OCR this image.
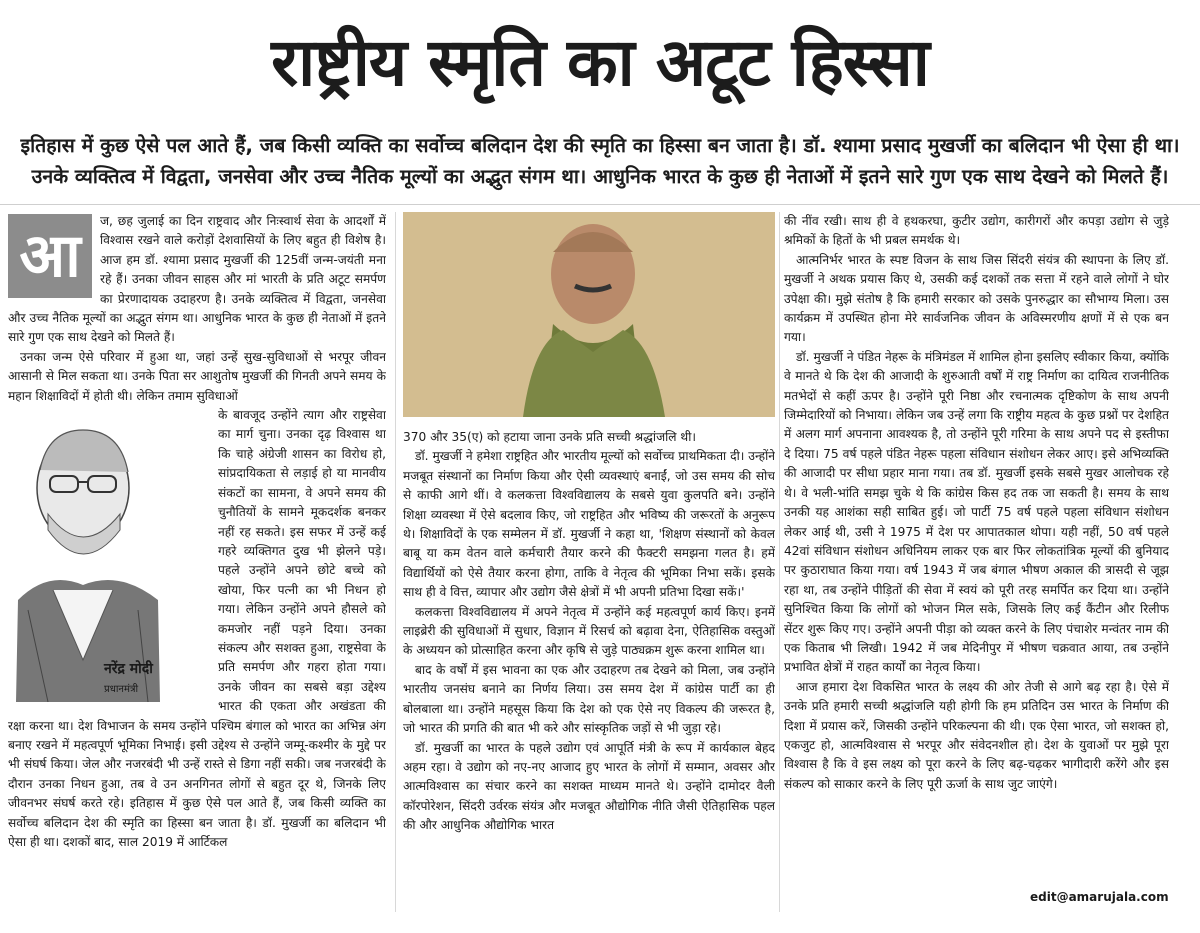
राष्ट्रीय स्मृति का अटूट हिस्सा
इतिहास में कुछ ऐसे पल आते हैं, जब किसी व्यक्ति का सर्वोच्च बलिदान देश की स्मृति का हिस्सा बन जाता है। डॉ. श्यामा प्रसाद मुखर्जी का बलिदान भी ऐसा ही था। उनके व्यक्तित्व में विद्वता, जनसेवा और उच्च नैतिक मूल्यों का अद्भुत संगम था। आधुनिक भारत के कुछ ही नेताओं में इतने सारे गुण एक साथ देखने को मिलते हैं।
आ	ज, छह जुलाई का दिन राष्ट्रवाद और निःस्वार्थ सेवा के आदर्शों में विश्वास रखने वाले करोड़ों देशवासियों के लिए बहुत ही विशेष है। आज हम डॉ. श्यामा प्रसाद मुखर्जी की 125वीं जन्म-जयंती मना रहे हैं। उनका जीवन साहस और मां भारती के प्रति अटूट समर्पण का प्रेरणादायक उदाहरण है। उनके व्यक्तित्व में विद्वता, जनसेवा और उच्च नैतिक मूल्यों का अद्भुत संगम था। आधुनिक भारत के कुछ ही नेताओं में इतने सारे गुण एक साथ देखने को मिलते हैं।

उनका जन्म ऐसे परिवार में हुआ था, जहां उन्हें सुख-सुविधाओं से भरपूर जीवन आसानी से मिल सकता था। उनके पिता सर आशुतोष मुखर्जी की गिनती अपने समय के महान शिक्षाविदों में होती थी। लेकिन तमाम सुविधाओं

नरेंद्र मोदी
प्रधानमंत्री

के बावजूद उन्होंने त्याग और राष्ट्रसेवा का मार्ग चुना। उनका दृढ़ विश्वास था कि चाहे अंग्रेजी शासन का विरोध हो, सांप्रदायिकता से लड़ाई हो या मानवीय संकटों का सामना, वे अपने समय की चुनौतियों के सामने मूकदर्शक बनकर नहीं रह सकते। इस सफर में उन्हें कई गहरे व्यक्तिगत दुख भी झेलने पड़े। पहले उन्होंने अपने छोटे बच्चे को खोया, फिर पत्नी का भी निधन हो गया। लेकिन उन्होंने अपने हौसले को कमजोर नहीं पड़ने दिया। उनका संकल्प और सशक्त हुआ, राष्ट्रसेवा के प्रति समर्पण और गहरा होता गया। उनके जीवन का सबसे बड़ा उद्देश्य भारत की एकता और अखंडता की रक्षा करना था। देश विभाजन के समय उन्होंने पश्चिम बंगाल को भारत का अभिन्न अंग बनाए रखने में महत्वपूर्ण भूमिका निभाई। इसी उद्देश्य से उन्होंने जम्मू-कश्मीर के मुद्दे पर भी संघर्ष किया। जेल और नजरबंदी भी उन्हें रास्ते से डिगा नहीं सकी। जब नजरबंदी के दौरान उनका निधन हुआ, तब वे उन अनगिनत लोगों से बहुत दूर थे, जिनके लिए जीवनभर संघर्ष करते रहे। इतिहास में कुछ ऐसे पल आते हैं, जब किसी व्यक्ति का सर्वोच्च बलिदान देश की स्मृति का हिस्सा बन जाता है। डॉ. मुखर्जी का बलिदान भी ऐसा ही था। दशकों बाद, साल 2019 में आर्टिकल

370 और 35(ए) को हटाया जाना उनके प्रति सच्ची श्रद्धांजलि थी।

डॉ. मुखर्जी ने हमेशा राष्ट्रहित और भारतीय मूल्यों को सर्वोच्च प्राथमिकता दी। उन्होंने मजबूत संस्थानों का निर्माण किया और ऐसी व्यवस्थाएं बनाईं, जो उस समय की सोच से काफी आगे थीं। वे कलकत्ता विश्वविद्यालय के सबसे युवा कुलपति बने। उन्होंने शिक्षा व्यवस्था में ऐसे बदलाव किए, जो राष्ट्रहित और भविष्य की जरूरतों के अनुरूप थे। शिक्षाविदों के एक सम्मेलन में डॉ. मुखर्जी ने कहा था, 'शिक्षण संस्थानों को केवल बाबू या कम वेतन वाले कर्मचारी तैयार करने की फैक्टरी समझना गलत है। हमें विद्यार्थियों को ऐसे तैयार करना होगा, ताकि वे नेतृत्व की भूमिका निभा सकें। इसके साथ ही वे वित्त, व्यापार और उद्योग जैसे क्षेत्रों में भी अपनी प्रतिभा दिखा सकें।'

कलकत्ता विश्वविद्यालय में अपने नेतृत्व में उन्होंने कई महत्वपूर्ण कार्य किए। इनमें लाइब्रेरी की सुविधाओं में सुधार, विज्ञान में रिसर्च को बढ़ावा देना, ऐतिहासिक वस्तुओं के अध्ययन को प्रोत्साहित करना और कृषि से जुड़े पाठ्यक्रम शुरू करना शामिल था।

बाद के वर्षों में इस भावना का एक और उदाहरण तब देखने को मिला, जब उन्होंने भारतीय जनसंघ बनाने का निर्णय लिया। उस समय देश में कांग्रेस पार्टी का ही बोलबाला था। उन्होंने महसूस किया कि देश को एक ऐसे नए विकल्प की जरूरत है, जो भारत की प्रगति की बात भी करे और सांस्कृतिक जड़ों से भी जुड़ा रहे।

डॉ. मुखर्जी का भारत के पहले उद्योग एवं आपूर्ति मंत्री के रूप में कार्यकाल बेहद अहम रहा। वे उद्योग को नए-नए आजाद हुए भारत के लोगों में सम्मान, अवसर और आत्मविश्वास का संचार करने का सशक्त माध्यम मानते थे। उन्होंने दामोदर वैली कॉरपोरेशन, सिंदरी उर्वरक संयंत्र और मजबूत औद्योगिक नीति जैसी ऐतिहासिक पहल की और आधुनिक औद्योगिक भारत

की नींव रखी। साथ ही वे हथकरघा, कुटीर उद्योग, कारीगरों और कपड़ा उद्योग से जुड़े श्रमिकों के हितों के भी प्रबल समर्थक थे।

आत्मनिर्भर भारत के स्पष्ट विजन के साथ जिस सिंदरी संयंत्र की स्थापना के लिए डॉ. मुखर्जी ने अथक प्रयास किए थे, उसकी कई दशकों तक सत्ता में रहने वाले लोगों ने घोर उपेक्षा की। मुझे संतोष है कि हमारी सरकार को उसके पुनरुद्धार का सौभाग्य मिला। उस कार्यक्रम में उपस्थित होना मेरे सार्वजनिक जीवन के अविस्मरणीय क्षणों में से एक बन गया।

डॉ. मुखर्जी ने पंडित नेहरू के मंत्रिमंडल में शामिल होना इसलिए स्वीकार किया, क्योंकि वे मानते थे कि देश की आजादी के शुरुआती वर्षों में राष्ट्र निर्माण का दायित्व राजनीतिक मतभेदों से कहीं ऊपर है। उन्होंने पूरी निष्ठा और रचनात्मक दृष्टिकोण के साथ अपनी जिम्मेदारियों को निभाया। लेकिन जब उन्हें लगा कि राष्ट्रीय महत्व के कुछ प्रश्नों पर देशहित में अलग मार्ग अपनाना आवश्यक है, तो उन्होंने पूरी गरिमा के साथ अपने पद से इस्तीफा दे दिया। 75 वर्ष पहले पंडित नेहरू पहला संविधान संशोधन लेकर आए। इसे अभिव्यक्ति की आजादी पर सीधा प्रहार माना गया। तब डॉ. मुखर्जी इसके सबसे मुखर आलोचक रहे थे। वे भली-भांति समझ चुके थे कि कांग्रेस किस हद तक जा सकती है। समय के साथ उनकी यह आशंका सही साबित हुई। जो पार्टी 75 वर्ष पहले पहला संविधान संशोधन लेकर आई थी, उसी ने 1975 में देश पर आपातकाल थोपा। यही नहीं, 50 वर्ष पहले 42वां संविधान संशोधन अधिनियम लाकर एक बार फिर लोकतांत्रिक मूल्यों की बुनियाद पर कुठाराघात किया गया। वर्ष 1943 में जब बंगाल भीषण अकाल की त्रासदी से जूझ रहा था, तब उन्होंने पीड़ितों की सेवा में स्वयं को पूरी तरह समर्पित कर दिया था। उन्होंने सुनिश्चित किया कि लोगों को भोजन मिल सके, जिसके लिए कई कैंटीन और रिलीफ सेंटर शुरू किए गए। उन्होंने अपनी पीड़ा को व्यक्त करने के लिए पंचाशेर मन्वंतर नाम की एक किताब भी लिखी। 1942 में जब मेदिनीपुर में भीषण चक्रवात आया, तब उन्होंने प्रभावित क्षेत्रों में राहत कार्यों का नेतृत्व किया।

आज हमारा देश विकसित भारत के लक्ष्य की ओर तेजी से आगे बढ़ रहा है। ऐसे में उनके प्रति हमारी सच्ची श्रद्धांजलि यही होगी कि हम प्रतिदिन उस भारत के निर्माण की दिशा में प्रयास करें, जिसकी उन्होंने परिकल्पना की थी। एक ऐसा भारत, जो सशक्त हो, एकजुट हो, आत्मविश्वास से भरपूर और संवेदनशील हो। देश के युवाओं पर मुझे पूरा विश्वास है कि वे इस लक्ष्य को पूरा करने के लिए बढ़-चढ़कर भागीदारी करेंगे और इस संकल्प को साकार करने के लिए पूरी ऊर्जा के साथ जुट जाएंगे।

edit@amarujala.com
